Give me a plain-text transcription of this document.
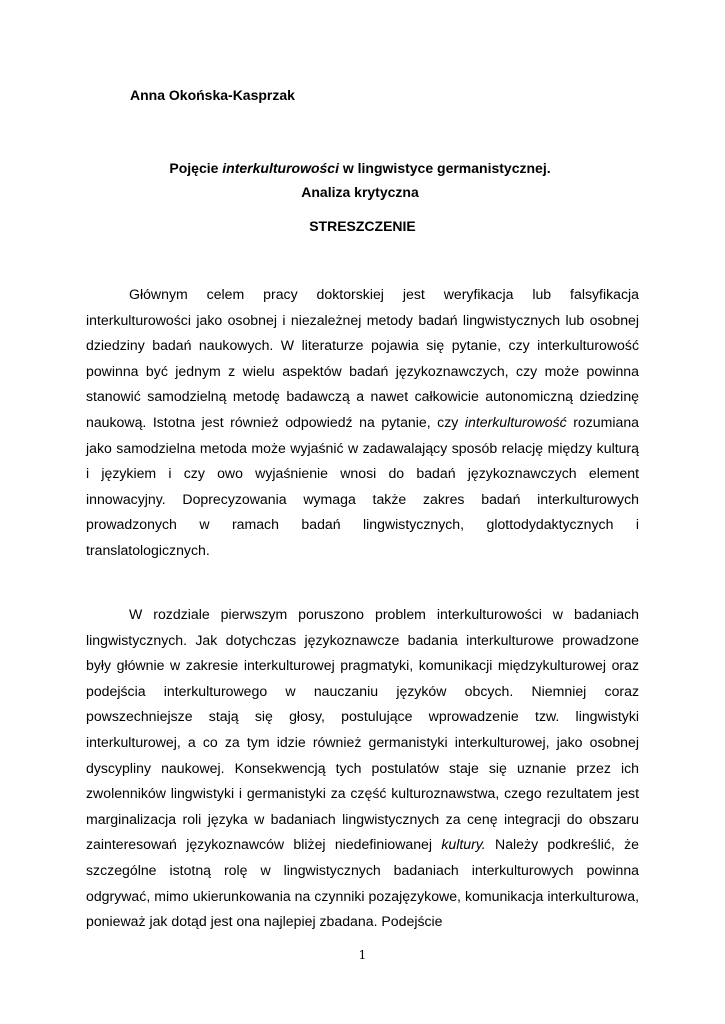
Anna Okońska-Kasprzak
Pojęcie interkulturowości w lingwistyce germanistycznej. Analiza krytyczna
STRESZCZENIE

Głównym celem pracy doktorskiej jest weryfikacja lub falsyfikacja interkulturowości jako osobnej i niezależnej metody badań lingwistycznych lub osobnej dziedziny badań naukowych. W literaturze pojawia się pytanie, czy interkulturowość powinna być jednym z wielu aspektów badań językoznawczych, czy może powinna stanowić samodzielną metodę badawczą a nawet całkowicie autonomiczną dziedzinę naukową. Istotna jest również odpowiedź na pytanie, czy interkulturowość rozumiana jako samodzielna metoda może wyjaśnić w zadawalający sposób relację między kulturą i językiem i czy owo wyjaśnienie wnosi do badań językoznawczych element innowacyjny. Doprecyzowania wymaga także zakres badań interkulturowych prowadzonych w ramach badań lingwistycznych, glottodydaktycznych i translatologicznych.

W rozdziale pierwszym poruszono problem interkulturowości w badaniach lingwistycznych. Jak dotychczas językoznawcze badania interkulturowe prowadzone były głównie w zakresie interkulturowej pragmatyki, komunikacji międzykulturowej oraz podejścia interkulturowego w nauczaniu języków obcych. Niemniej coraz powszechniejsze stają się głosy, postulujące wprowadzenie tzw. lingwistyki interkulturowej, a co za tym idzie również germanistyki interkulturowej, jako osobnej dyscypliny naukowej. Konsekwencją tych postulatów staje się uznanie przez ich zwolenników lingwistyki i germanistyki za część kulturoznawstwa, czego rezultatem jest marginalizacja roli języka w badaniach lingwistycznych za cenę integracji do obszaru zainteresowań językoznawców bliżej niedefiniowanej kultury. Należy podkreślić, że szczególne istotną rolę w lingwistycznych badaniach interkulturowych powinna odgrywać, mimo ukierunkowania na czynniki pozajęzykowe, komunikacja interkulturowa, ponieważ jak dotąd jest ona najlepiej zbadana. Podejście

1
